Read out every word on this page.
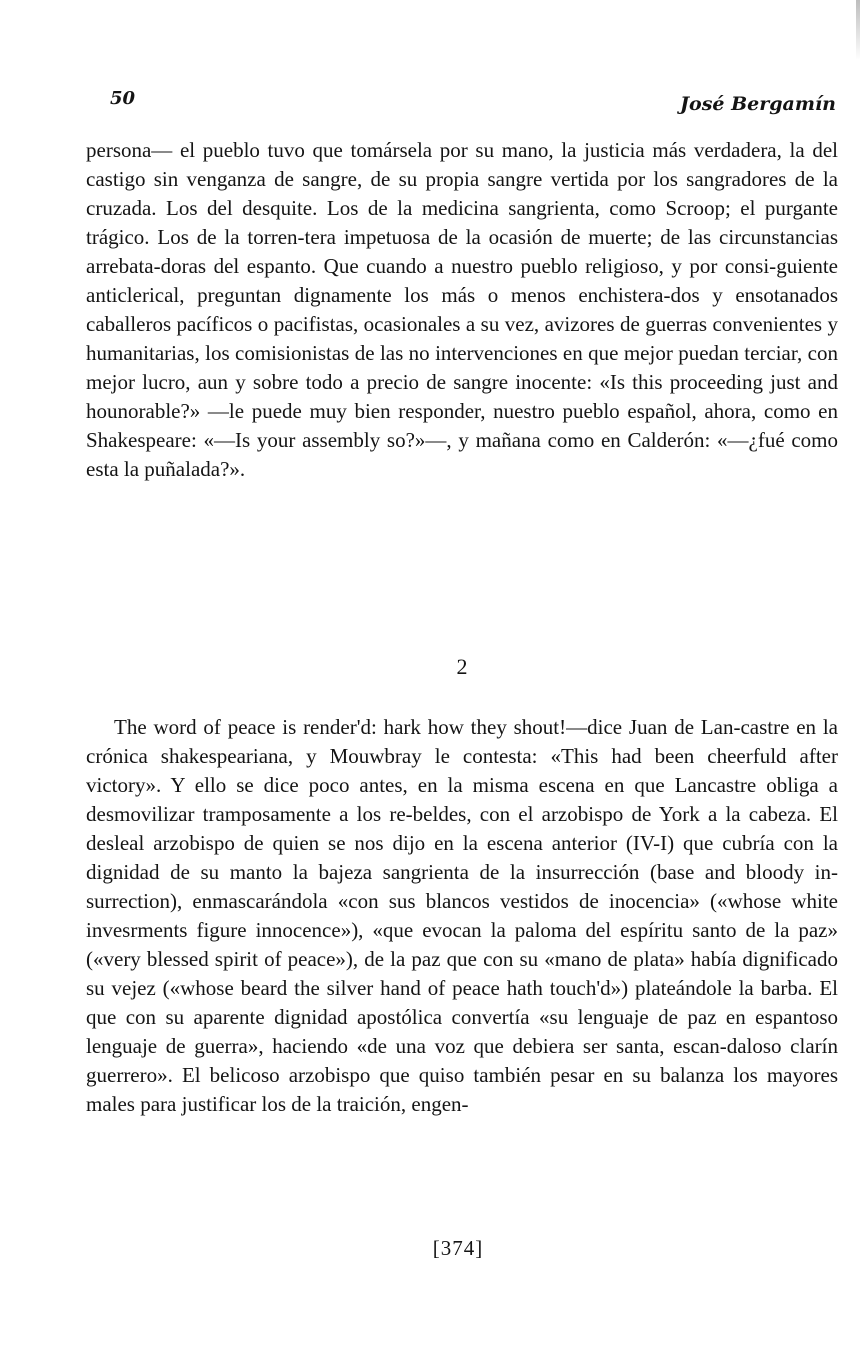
50	José Bergamín

persona— el pueblo tuvo que tomársela por su mano, la justicia más verdadera, la del castigo sin venganza de sangre, de su propia sangre vertida por los sangradores de la cruzada. Los del desquite. Los de la medicina sangrienta, como Scroop; el purgante trágico. Los de la torren-tera impetuosa de la ocasión de muerte; de las circunstancias arrebata-doras del espanto. Que cuando a nuestro pueblo religioso, y por consi-guiente anticlerical, preguntan dignamente los más o menos enchistera-dos y ensotanados caballeros pacíficos o pacifistas, ocasionales a su vez, avizores de guerras convenientes y humanitarias, los comisionistas de las no intervenciones en que mejor puedan terciar, con mejor lucro, aun y sobre todo a precio de sangre inocente: «Is this proceeding just and hounorable?» —le puede muy bien responder, nuestro pueblo español, ahora, como en Shakespeare: «—Is your assembly so?»—, y mañana como en Calderón: «—¿fué como esta la puñalada?».

2

The word of peace is render'd: hark how they shout!—dice Juan de Lan-castre en la crónica shakespeariana, y Mouwbray le contesta: «This had been cheerfuld after victory». Y ello se dice poco antes, en la misma escena en que Lancastre obliga a desmovilizar tramposamente a los re-beldes, con el arzobispo de York a la cabeza. El desleal arzobispo de quien se nos dijo en la escena anterior (IV-I) que cubría con la dignidad de su manto la bajeza sangrienta de la insurrección (base and bloody in-surrection), enmascarándola «con sus blancos vestidos de inocencia» («whose white invesrments figure innocence»), «que evocan la paloma del espíritu santo de la paz» («very blessed spirit of peace»), de la paz que con su «mano de plata» había dignificado su vejez («whose beard the silver hand of peace hath touch'd») plateándole la barba. El que con su aparente dignidad apostólica convertía «su lenguaje de paz en espantoso lenguaje de guerra», haciendo «de una voz que debiera ser santa, escan-daloso clarín guerrero». El belicoso arzobispo que quiso también pesar en su balanza los mayores males para justificar los de la traición, engen-

[374]
